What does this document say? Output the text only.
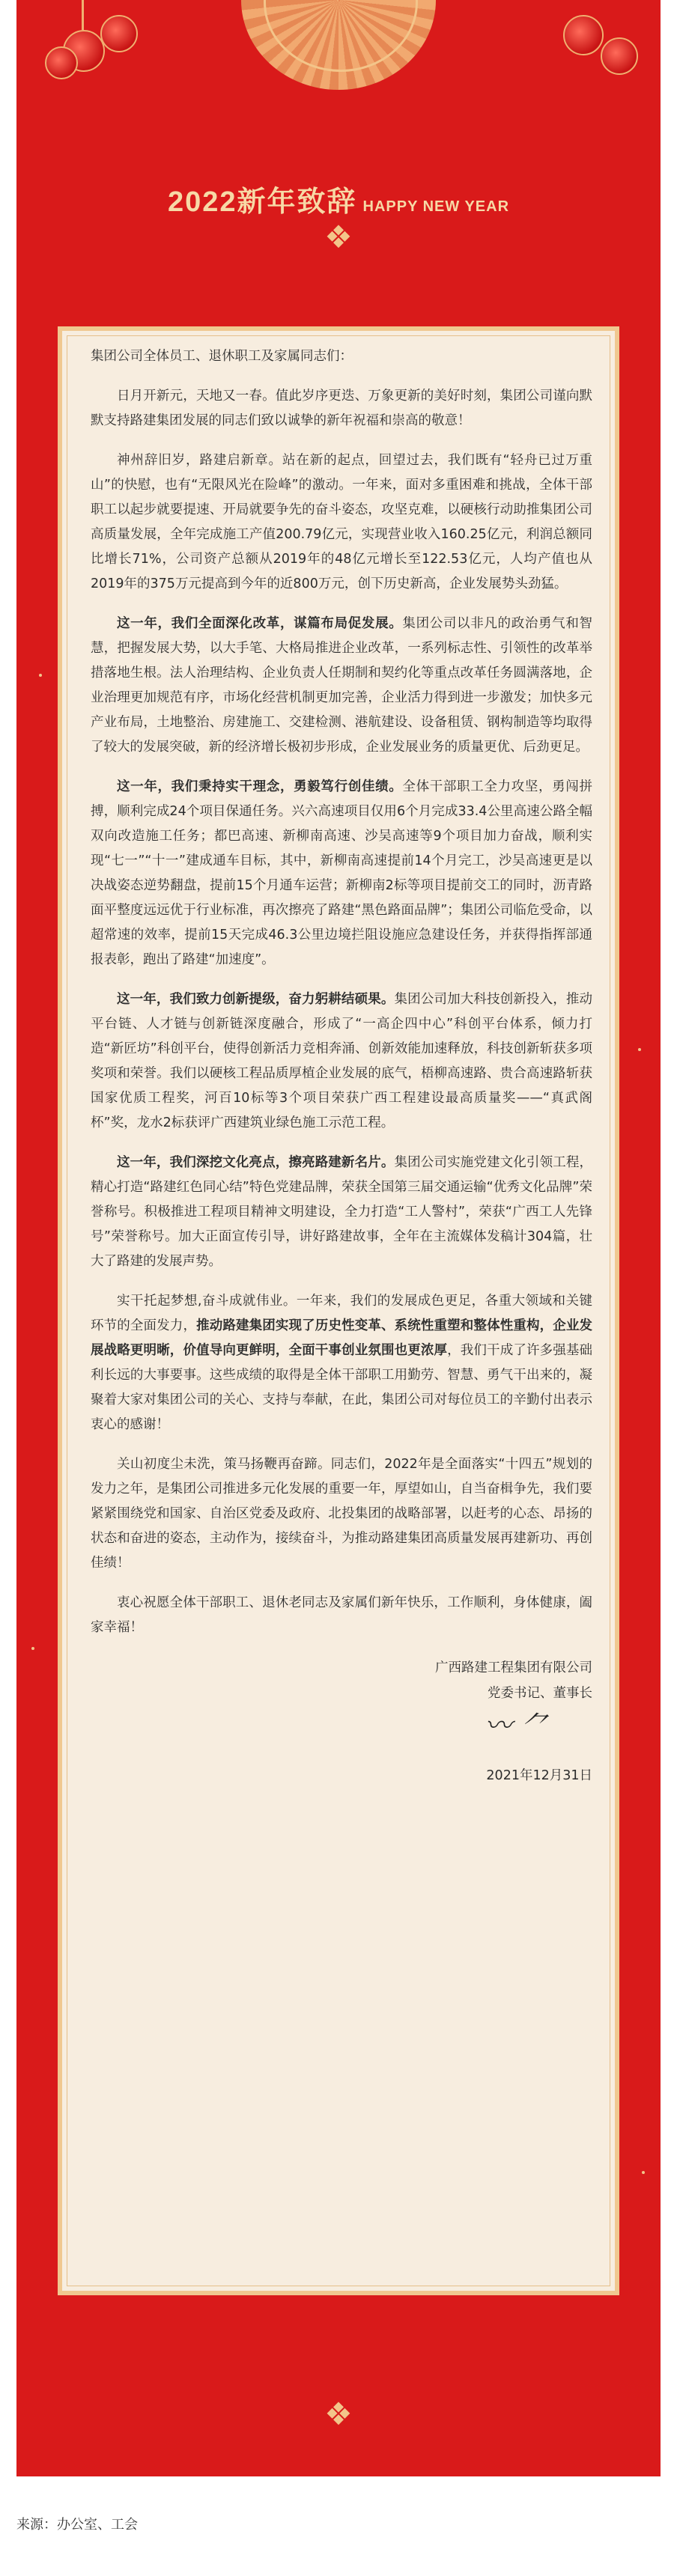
2022新年致辞 HAPPY NEW YEAR
❖
❖

集团公司全体员工、退休职工及家属同志们：

日月开新元，天地又一春。值此岁序更迭、万象更新的美好时刻，集团公司谨向默默支持路建集团发展的同志们致以诚挚的新年祝福和崇高的敬意！

神州辞旧岁，路建启新章。站在新的起点，回望过去，我们既有“轻舟已过万重山”的快慰，也有“无限风光在险峰”的激动。一年来，面对多重困难和挑战，全体干部职工以起步就要提速、开局就要争先的奋斗姿态，攻坚克难，以硬核行动助推集团公司高质量发展，全年完成施工产值200.79亿元，实现营业收入160.25亿元，利润总额同比增长71%，公司资产总额从2019年的48亿元增长至122.53亿元，人均产值也从2019年的375万元提高到今年的近800万元，创下历史新高，企业发展势头劲猛。

这一年，我们全面深化改革，谋篇布局促发展。集团公司以非凡的政治勇气和智慧，把握发展大势，以大手笔、大格局推进企业改革，一系列标志性、引领性的改革举措落地生根。法人治理结构、企业负责人任期制和契约化等重点改革任务圆满落地，企业治理更加规范有序，市场化经营机制更加完善，企业活力得到进一步激发；加快多元产业布局，土地整治、房建施工、交建检测、港航建设、设备租赁、钢构制造等均取得了较大的发展突破，新的经济增长极初步形成，企业发展业务的质量更优、后劲更足。

这一年，我们秉持实干理念，勇毅笃行创佳绩。全体干部职工全力攻坚，勇闯拼搏，顺利完成24个项目保通任务。兴六高速项目仅用6个月完成33.4公里高速公路全幅双向改造施工任务；都巴高速、新柳南高速、沙吴高速等9个项目加力奋战，顺利实现“七一”“十一”建成通车目标，其中，新柳南高速提前14个月完工，沙吴高速更是以决战姿态逆势翻盘，提前15个月通车运营；新柳南2标等项目提前交工的同时，沥青路面平整度远远优于行业标准，再次擦亮了路建“黑色路面品牌”；集团公司临危受命，以超常速的效率，提前15天完成46.3公里边境拦阻设施应急建设任务，并获得指挥部通报表彰，跑出了路建“加速度”。

这一年，我们致力创新提级，奋力躬耕结硕果。集团公司加大科技创新投入，推动平台链、人才链与创新链深度融合，形成了“一高企四中心”科创平台体系，倾力打造“新匠坊”科创平台，使得创新活力竞相奔涌、创新效能加速释放，科技创新斩获多项奖项和荣誉。我们以硬核工程品质厚植企业发展的底气，梧柳高速路、贵合高速路斩获国家优质工程奖，河百10标等3个项目荣获广西工程建设最高质量奖——“真武阁杯”奖，龙水2标获评广西建筑业绿色施工示范工程。

这一年，我们深挖文化亮点，擦亮路建新名片。集团公司实施党建文化引领工程，精心打造“路建红色同心结”特色党建品牌，荣获全国第三届交通运输“优秀文化品牌”荣誉称号。积极推进工程项目精神文明建设，全力打造“工人警村”，荣获“广西工人先锋号”荣誉称号。加大正面宣传引导，讲好路建故事，全年在主流媒体发稿计304篇，壮大了路建的发展声势。

实干托起梦想,奋斗成就伟业。一年来，我们的发展成色更足，各重大领域和关键环节的全面发力，推动路建集团实现了历史性变革、系统性重塑和整体性重构，企业发展战略更明晰，价值导向更鲜明，全面干事创业氛围也更浓厚，我们干成了许多强基础利长远的大事要事。这些成绩的取得是全体干部职工用勤劳、智慧、勇气干出来的，凝聚着大家对集团公司的关心、支持与奉献，在此，集团公司对每位员工的辛勤付出表示衷心的感谢！

关山初度尘未洗，策马扬鞭再奋蹄。同志们，2022年是全面落实“十四五”规划的发力之年，是集团公司推进多元化发展的重要一年，厚望如山，自当奋楫争先，我们要紧紧围绕党和国家、自治区党委及政府、北投集团的战略部署，以赶考的心态、昂扬的状态和奋进的姿态，主动作为，接续奋斗，为推动路建集团高质量发展再建新功、再创佳绩！

衷心祝愿全体干部职工、退休老同志及家属们新年快乐，工作顺利，身体健康，阖家幸福！

广西路建工程集团有限公司
党委书记、董事长
〰 ⺈
2021年12月31日
来源：办公室、工会
